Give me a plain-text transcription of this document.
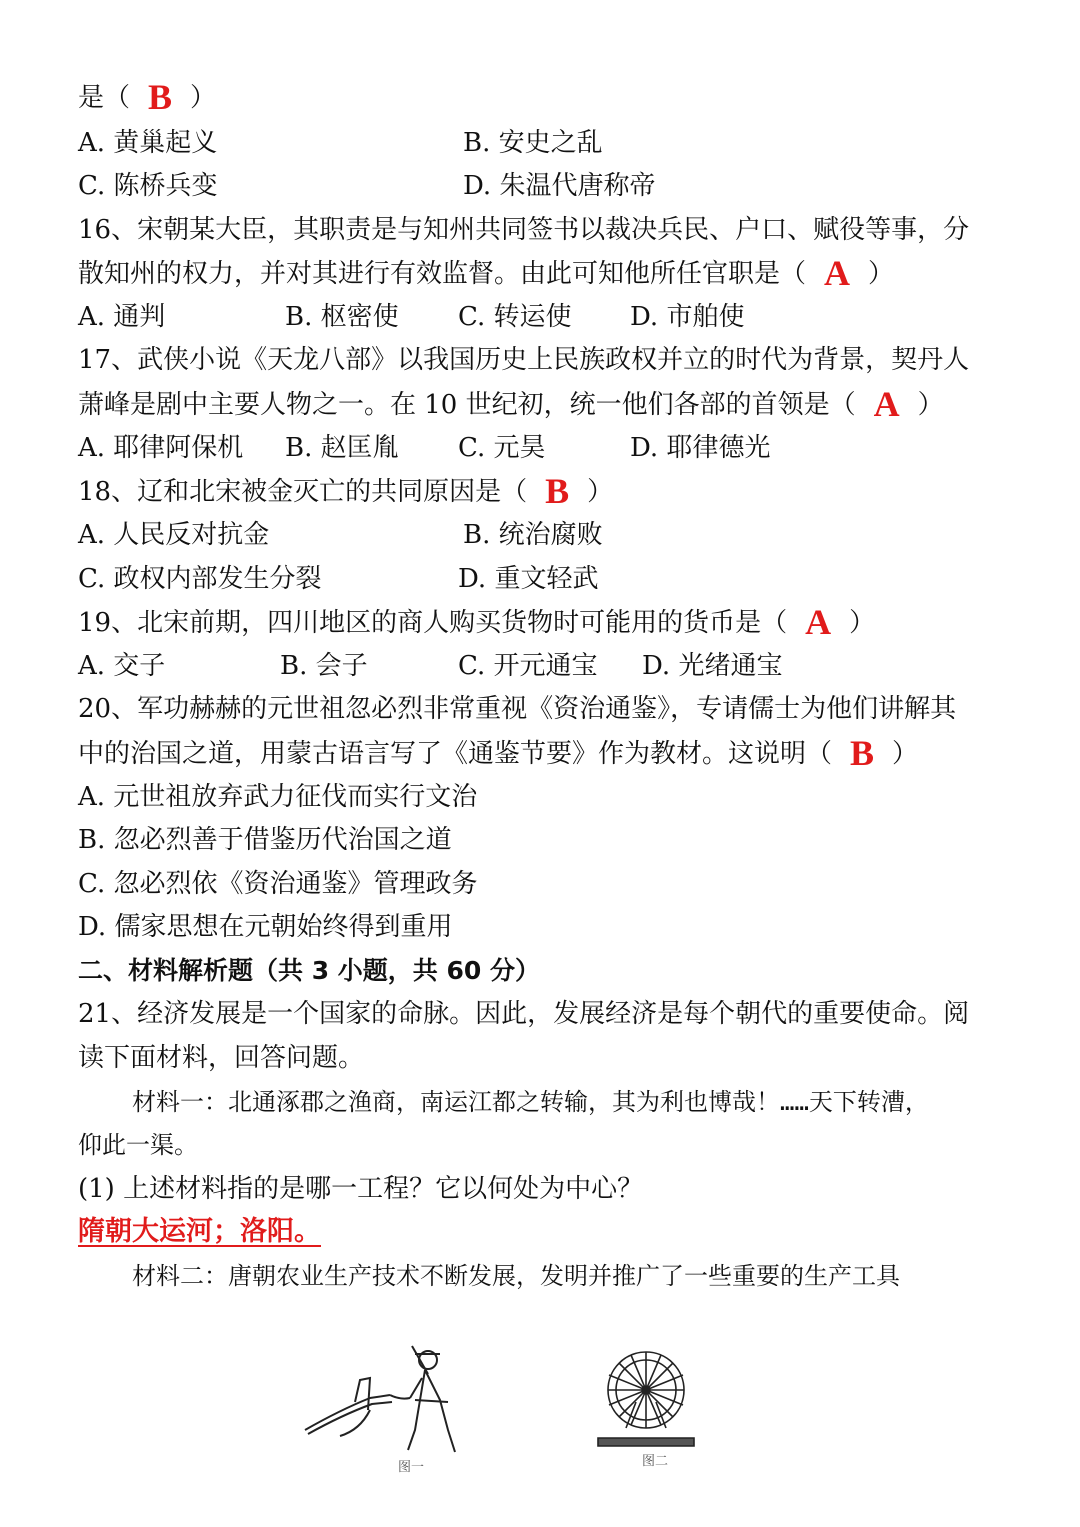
是（ B ）
A. 黄巢起义	B. 安史之乱
C. 陈桥兵变	D. 朱温代唐称帝
16、宋朝某大臣，其职责是与知州共同签书以裁决兵民、户口、赋役等事，分
散知州的权力，并对其进行有效监督。由此可知他所任官职是（ A ）
A. 通判	B. 枢密使 C. 转运使 D. 市舶使
17、武侠小说《天龙八部》以我国历史上民族政权并立的时代为背景，契丹人
萧峰是剧中主要人物之一。在 10 世纪初，统一他们各部的首领是（ A ）
A. 耶律阿保机 B. 赵匡胤 C. 元昊	D. 耶律德光
18、辽和北宋被金灭亡的共同原因是（ B ）
A. 人民反对抗金	B. 统治腐败
C. 政权内部发生分裂	D. 重文轻武
19、北宋前期，四川地区的商人购买货物时可能用的货币是（ A ）
A. 交子	B. 会子	C. 开元通宝 D. 光绪通宝
20、军功赫赫的元世祖忽必烈非常重视《资治通鉴》，专请儒士为他们讲解其
中的治国之道，用蒙古语言写了《通鉴节要》作为教材。这说明（ B ）
A. 元世祖放弃武力征伐而实行文治
B. 忽必烈善于借鉴历代治国之道
C. 忽必烈依《资治通鉴》管理政务
D. 儒家思想在元朝始终得到重用
二、材料解析题（共 3 小题，共 60 分）
21、经济发展是一个国家的命脉。因此，发展经济是每个朝代的重要使命。阅
读下面材料，回答问题。
材料一：北通涿郡之渔商，南运江都之转输，其为利也博哉！……天下转漕，
仰此一渠。
(1) 上述材料指的是哪一工程？它以何处为中心？
隋朝大运河；洛阳。
材料二：唐朝农业生产技术不断发展，发明并推广了一些重要的生产工具
图一	图二
